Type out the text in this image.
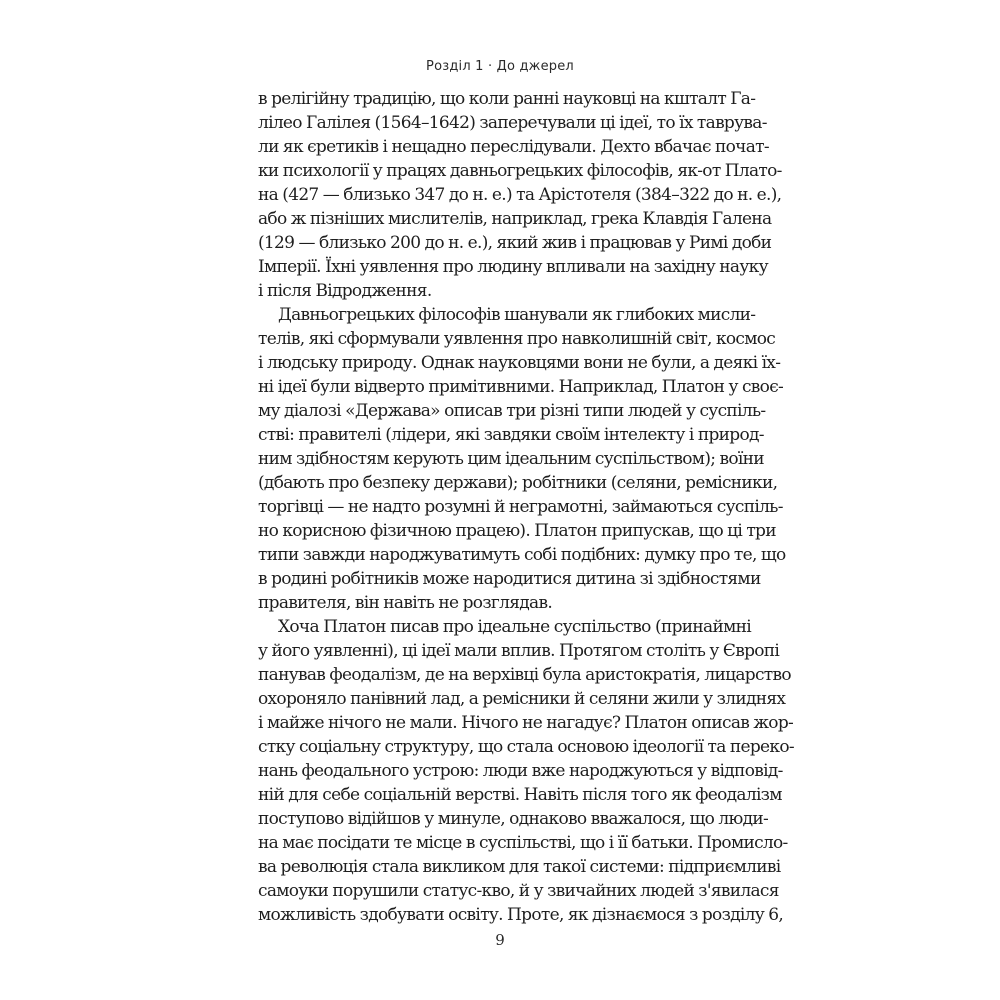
Розділ 1 · До джерел
в релігійну традицію, що коли ранні науковці на кшталт Га-
лілео Галілея (1564–1642) заперечували ці ідеї, то їх таврува-
ли як єретиків і нещадно переслідували. Дехто вбачає почат-
ки психології у працях давньогрецьких філософів, як-от Плато-
на (427 — близько 347 до н. е.) та Арістотеля (384–322 до н. е.),
або ж пізніших мислителів, наприклад, грека Клавдія Галена
(129 — близько 200 до н. е.), який жив і працював у Римі доби
Імперії. Їхні уявлення про людину впливали на західну науку
і після Відродження.
Давньогрецьких філософів шанували як глибоких мисли-
телів, які сформували уявлення про навколишній світ, космос
і людську природу. Однак науковцями вони не були, а деякі їх-
ні ідеї були відверто примітивними. Наприклад, Платон у своє-
му діалозі «Держава» описав три різні типи людей у суспіль-
стві: правителі (лідери, які завдяки своїм інтелекту і природ-
ним здібностям керують цим ідеальним суспільством); воїни
(дбають про безпеку держави); робітники (селяни, ремісники,
торгівці — не надто розумні й неграмотні, займаються суспіль-
но корисною фізичною працею). Платон припускав, що ці три
типи завжди народжуватимуть собі подібних: думку про те, що
в родині робітників може народитися дитина зі здібностями
правителя, він навіть не розглядав.
Хоча Платон писав про ідеальне суспільство (принаймні
у його уявленні), ці ідеї мали вплив. Протягом століть у Європі
панував феодалізм, де на верхівці була аристократія, лицарство
охороняло панівний лад, а ремісники й селяни жили у злиднях
і майже нічого не мали. Нічого не нагадує? Платон описав жор-
стку соціальну структуру, що стала основою ідеології та переко-
нань феодального устрою: люди вже народжуються у відповід-
ній для себе соціальній верстві. Навіть після того як феодалізм
поступово відійшов у минуле, однаково вважалося, що люди-
на має посідати те місце в суспільстві, що і її батьки. Промисло-
ва революція стала викликом для такої системи: підприємливі
самоуки порушили статус-кво, й у звичайних людей з'явилася
можливість здобувати освіту. Проте, як дізнаємося з розділу 6,
9
